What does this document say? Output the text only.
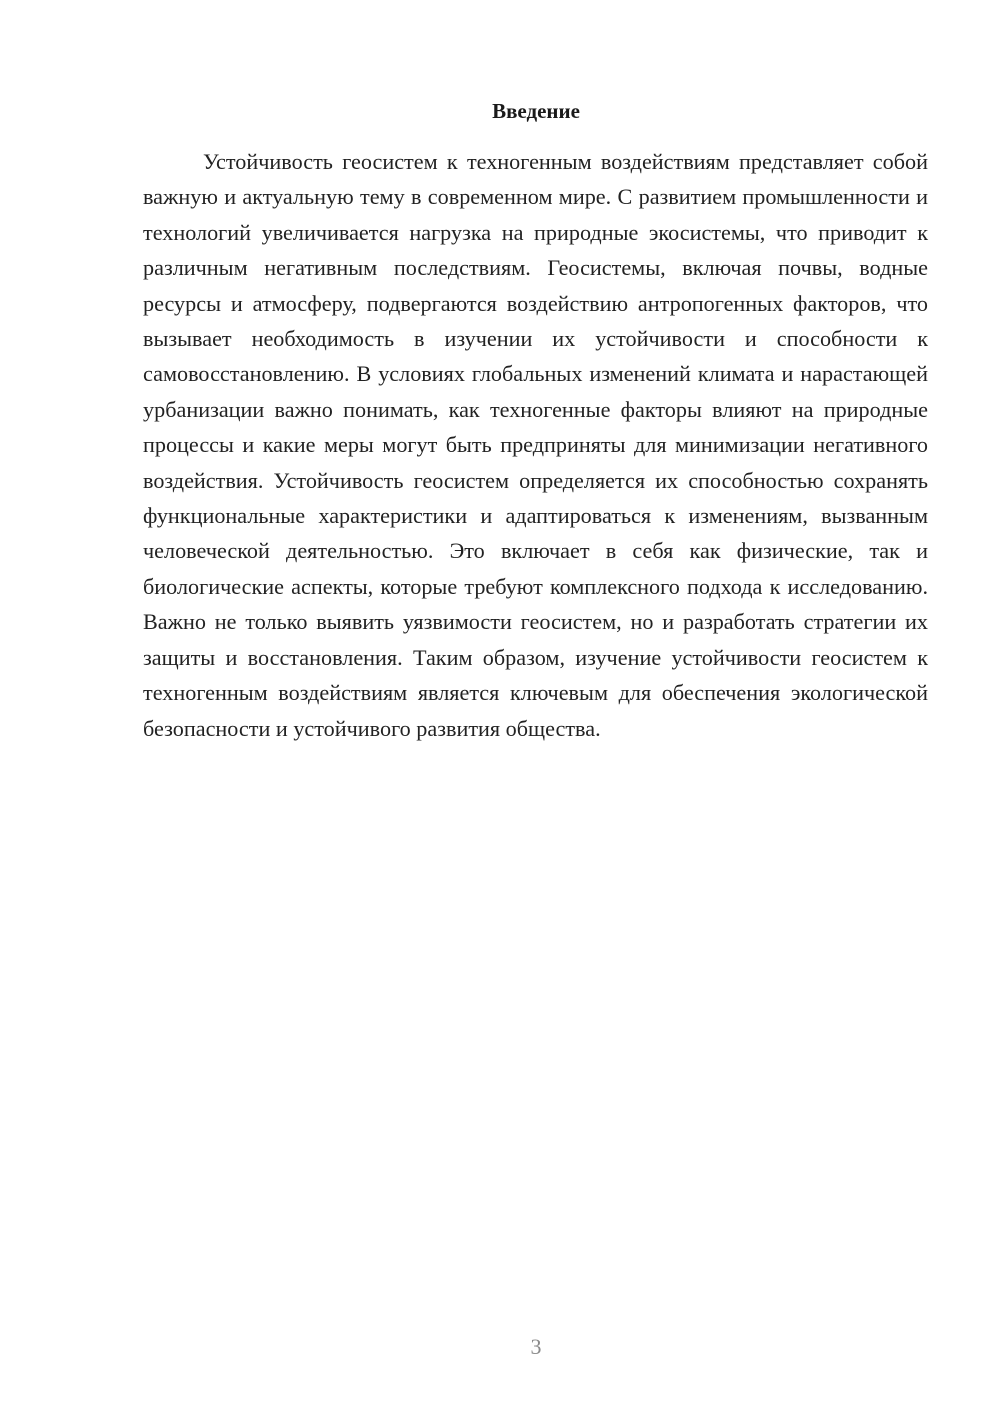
Введение

Устойчивость геосистем к техногенным воздействиям представляет собой важную и актуальную тему в современном мире. С развитием промышленности и технологий увеличивается нагрузка на природные экосистемы, что приводит к различным негативным последствиям. Геосистемы, включая почвы, водные ресурсы и атмосферу, подвергаются воздействию антропогенных факторов, что вызывает необходимость в изучении их устойчивости и способности к самовосстановлению. В условиях глобальных изменений климата и нарастающей урбанизации важно понимать, как техногенные факторы влияют на природные процессы и какие меры могут быть предприняты для минимизации негативного воздействия. Устойчивость геосистем определяется их способностью сохранять функциональные характеристики и адаптироваться к изменениям, вызванным человеческой деятельностью. Это включает в себя как физические, так и биологические аспекты, которые требуют комплексного подхода к исследованию. Важно не только выявить уязвимости геосистем, но и разработать стратегии их защиты и восстановления. Таким образом, изучение устойчивости геосистем к техногенным воздействиям является ключевым для обеспечения экологической безопасности и устойчивого развития общества.

3
